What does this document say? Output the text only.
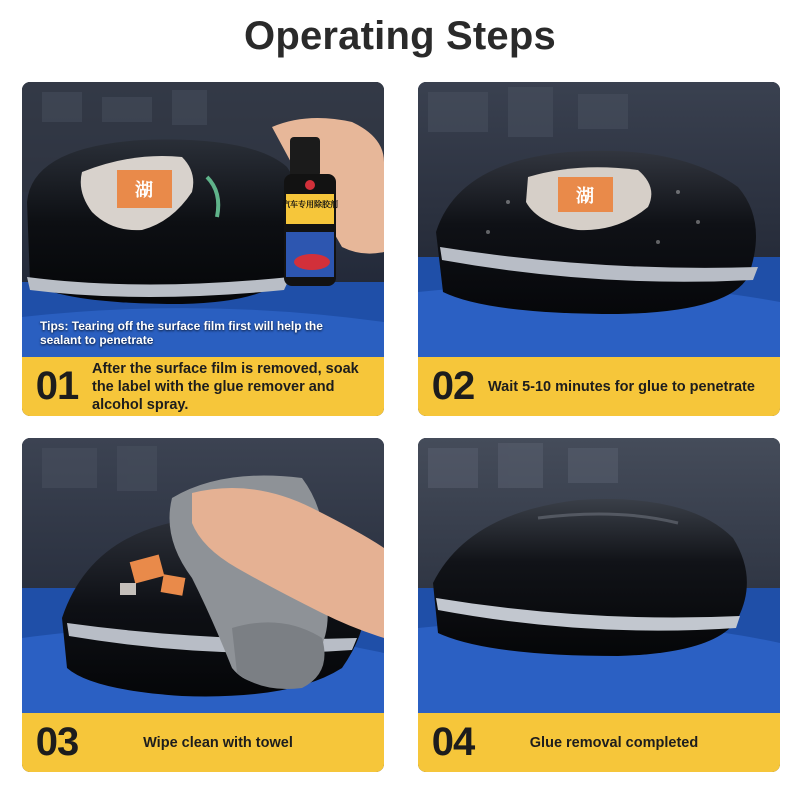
Operating Steps
湖
汽车专用除胶剂
Tips: Tearing off the surface film first will help the sealant to penetrate
01 After the surface film is removed, soak the label with the glue remover and alcohol spray.
湖
02 Wait 5-10 minutes for glue to penetrate
03	Wipe clean with towel	04	Glue removal completed
